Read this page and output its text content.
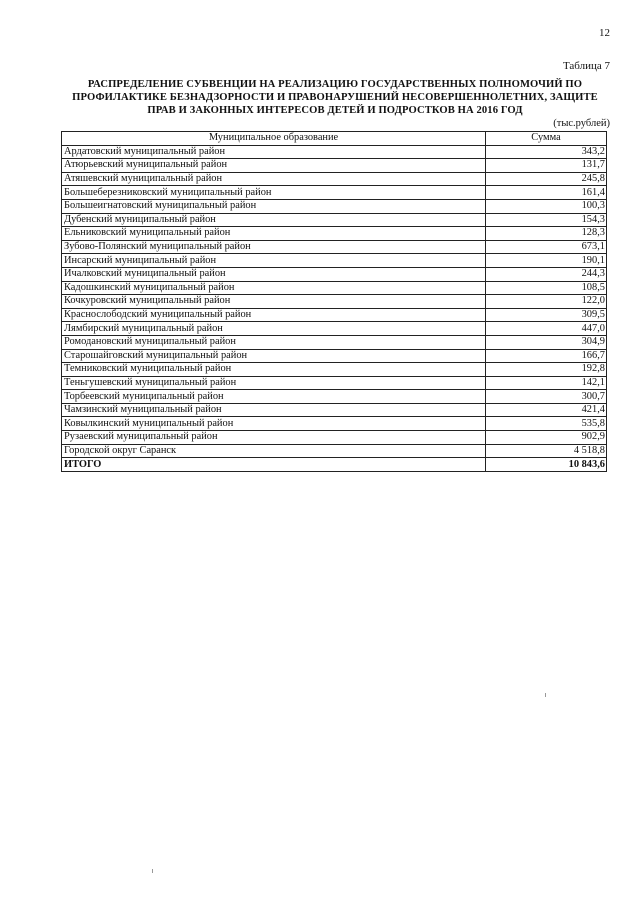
12
Таблица 7
РАСПРЕДЕЛЕНИЕ СУБВЕНЦИИ НА РЕАЛИЗАЦИЮ ГОСУДАРСТВЕННЫХ ПОЛНОМОЧИЙ ПО
ПРОФИЛАКТИКЕ БЕЗНАДЗОРНОСТИ И ПРАВОНАРУШЕНИЙ НЕСОВЕРШЕННОЛЕТНИХ, ЗАЩИТЕ
ПРАВ И ЗАКОННЫХ ИНТЕРЕСОВ ДЕТЕЙ И ПОДРОСТКОВ НА 2016 ГОД
(тыс.рублей)
Муниципальное образование	Сумма
Ардатовский муниципальный район	343,2
Атюрьевский муниципальный район	131,7
Атяшевский муниципальный район	245,8
Большеберезниковский муниципальный район	161,4
Большеигнатовский муниципальный район	100,3
Дубенский муниципальный район	154,3
Ельниковский муниципальный район	128,3
Зубово-Полянский муниципальный район	673,1
Инсарский муниципальный район	190,1
Ичалковский муниципальный район	244,3
Кадошкинский муниципальный район	108,5
Кочкуровский муниципальный район	122,0
Краснослободский муниципальный район	309,5
Лямбирский муниципальный район	447,0
Ромодановский муниципальный район	304,9
Старошайговский муниципальный район	166,7
Темниковский муниципальный район	192,8
Теньгушевский муниципальный район	142,1
Торбеевский муниципальный район	300,7
Чамзинский муниципальный район	421,4
Ковылкинский муниципальный район	535,8
Рузаевский муниципальный район	902,9
Городской округ Саранск	4 518,8
ИТОГО	10 843,6
